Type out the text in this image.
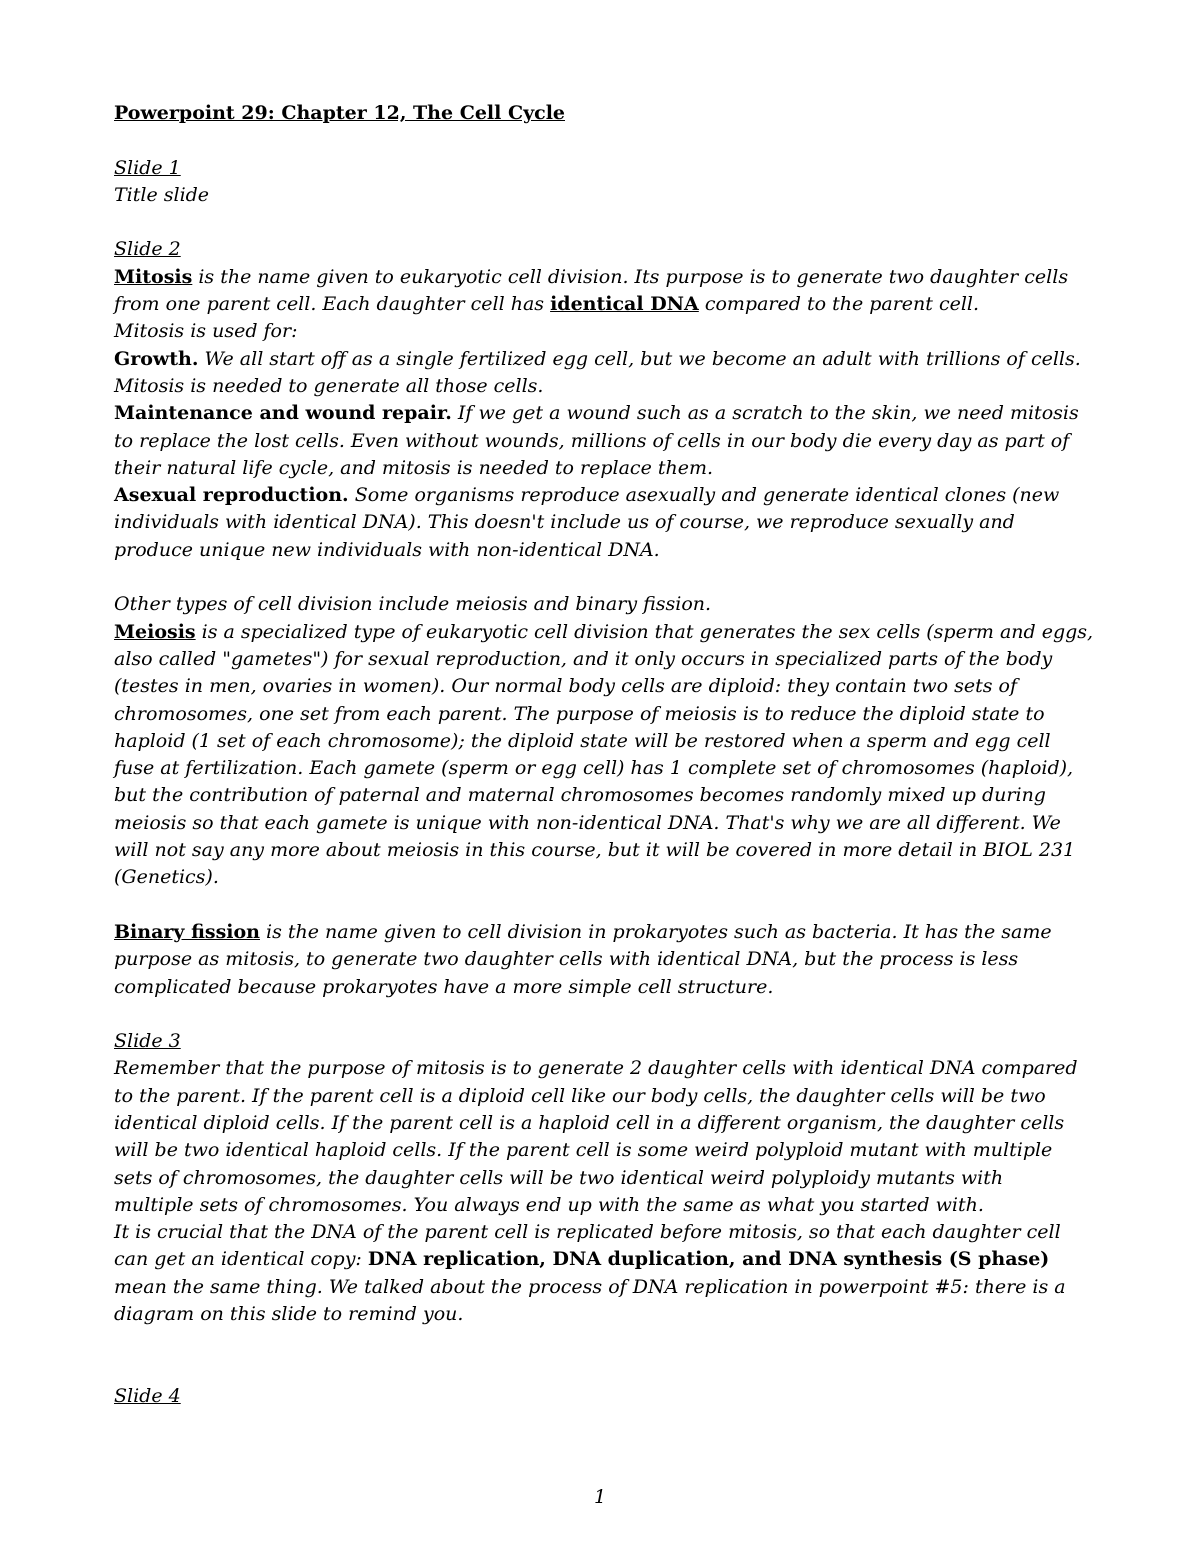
Powerpoint 29: Chapter 12, The Cell Cycle
Slide 1
Title slide
Slide 2
Mitosis is the name given to eukaryotic cell division. Its purpose is to generate two daughter cells
from one parent cell. Each daughter cell has identical DNA compared to the parent cell.
Mitosis is used for:
Growth. We all start off as a single fertilized egg cell, but we become an adult with trillions of cells.
Mitosis is needed to generate all those cells.
Maintenance and wound repair. If we get a wound such as a scratch to the skin, we need mitosis
to replace the lost cells. Even without wounds, millions of cells in our body die every day as part of
their natural life cycle, and mitosis is needed to replace them.
Asexual reproduction. Some organisms reproduce asexually and generate identical clones (new
individuals with identical DNA). This doesn't include us of course, we reproduce sexually and
produce unique new individuals with non-identical DNA.
Other types of cell division include meiosis and binary fission.
Meiosis is a specialized type of eukaryotic cell division that generates the sex cells (sperm and eggs,
also called "gametes") for sexual reproduction, and it only occurs in specialized parts of the body
(testes in men, ovaries in women). Our normal body cells are diploid: they contain two sets of
chromosomes, one set from each parent. The purpose of meiosis is to reduce the diploid state to
haploid (1 set of each chromosome); the diploid state will be restored when a sperm and egg cell
fuse at fertilization. Each gamete (sperm or egg cell) has 1 complete set of chromosomes (haploid),
but the contribution of paternal and maternal chromosomes becomes randomly mixed up during
meiosis so that each gamete is unique with non-identical DNA. That's why we are all different. We
will not say any more about meiosis in this course, but it will be covered in more detail in BIOL 231
(Genetics).
Binary fission is the name given to cell division in prokaryotes such as bacteria. It has the same
purpose as mitosis, to generate two daughter cells with identical DNA, but the process is less
complicated because prokaryotes have a more simple cell structure.
Slide 3
Remember that the purpose of mitosis is to generate 2 daughter cells with identical DNA compared
to the parent. If the parent cell is a diploid cell like our body cells, the daughter cells will be two
identical diploid cells. If the parent cell is a haploid cell in a different organism, the daughter cells
will be two identical haploid cells. If the parent cell is some weird polyploid mutant with multiple
sets of chromosomes, the daughter cells will be two identical weird polyploidy mutants with
multiple sets of chromosomes. You always end up with the same as what you started with.
It is crucial that the DNA of the parent cell is replicated before mitosis, so that each daughter cell
can get an identical copy: DNA replication, DNA duplication, and DNA synthesis (S phase)
mean the same thing. We talked about the process of DNA replication in powerpoint #5: there is a
diagram on this slide to remind you.
Slide 4
1
